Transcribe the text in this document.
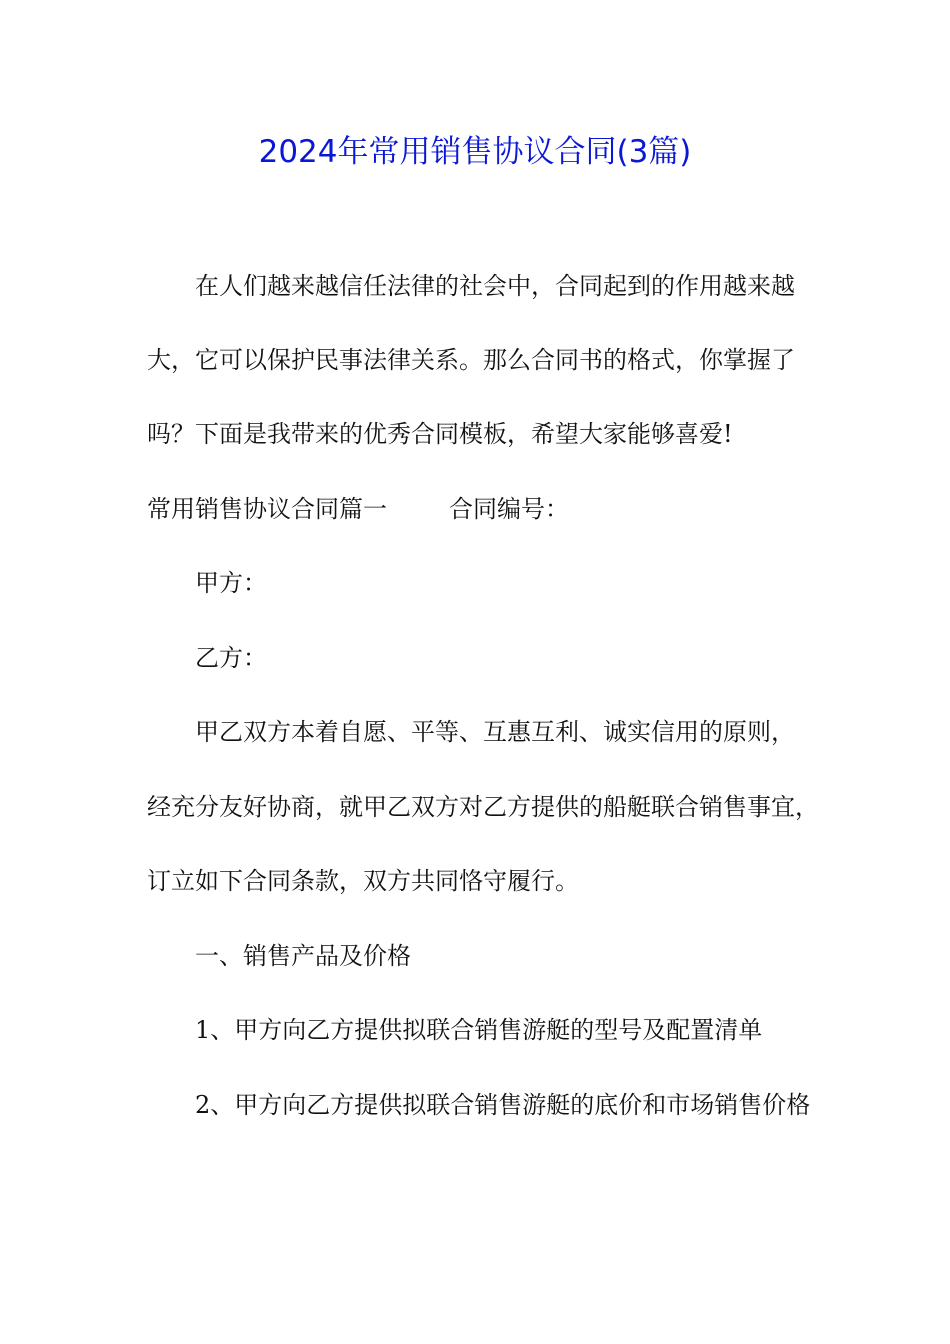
2024年常用销售协议合同(3篇)
在人们越来越信任法律的社会中，合同起到的作用越来越
大，它可以保护民事法律关系。那么合同书的格式，你掌握了
吗？下面是我带来的优秀合同模板，希望大家能够喜爱!
常用销售协议合同篇一	合同编号：
甲方：
乙方：
甲乙双方本着自愿、平等、互惠互利、诚实信用的原则，
经充分友好协商，就甲乙双方对乙方提供的船艇联合销售事宜，
订立如下合同条款，双方共同恪守履行。
一、销售产品及价格
1、甲方向乙方提供拟联合销售游艇的型号及配置清单
2、甲方向乙方提供拟联合销售游艇的底价和市场销售价格
